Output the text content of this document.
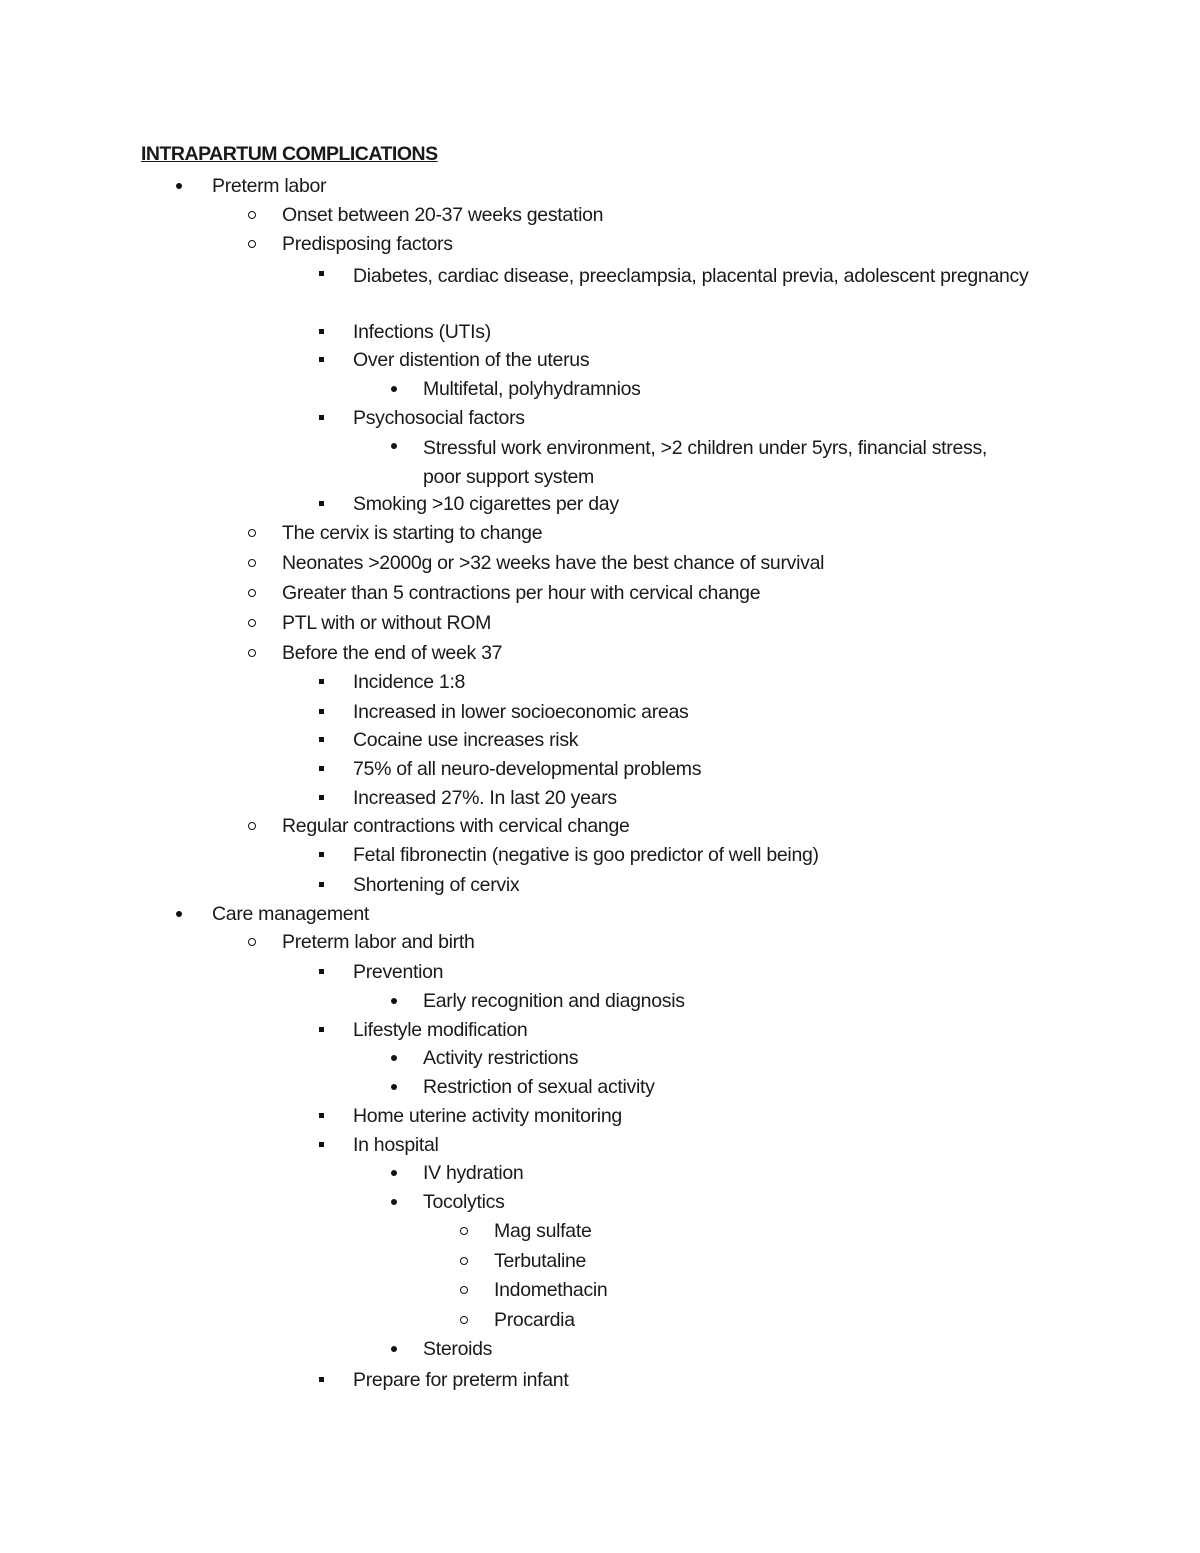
INTRAPARTUM COMPLICATIONS
Preterm labor
Onset between 20-37 weeks gestation
Predisposing factors
Diabetes, cardiac disease, preeclampsia, placental previa, adolescent pregnancy
Infections (UTIs)
Over distention of the uterus
Multifetal, polyhydramnios
Psychosocial factors
Stressful work environment, >2 children under 5yrs, financial stress, poor support system
Smoking >10 cigarettes per day
The cervix is starting to change
Neonates >2000g or >32 weeks have the best chance of survival
Greater than 5 contractions per hour with cervical change
PTL with or without ROM
Before the end of week 37
Incidence 1:8
Increased in lower socioeconomic areas
Cocaine use increases risk
75% of all neuro-developmental problems
Increased 27%. In last 20 years
Regular contractions with cervical change
Fetal fibronectin (negative is goo predictor of well being)
Shortening of cervix
Care management
Preterm labor and birth
Prevention
Early recognition and diagnosis
Lifestyle modification
Activity restrictions
Restriction of sexual activity
Home uterine activity monitoring
In hospital
IV hydration
Tocolytics
Mag sulfate
Terbutaline
Indomethacin
Procardia
Steroids
Prepare for preterm infant
